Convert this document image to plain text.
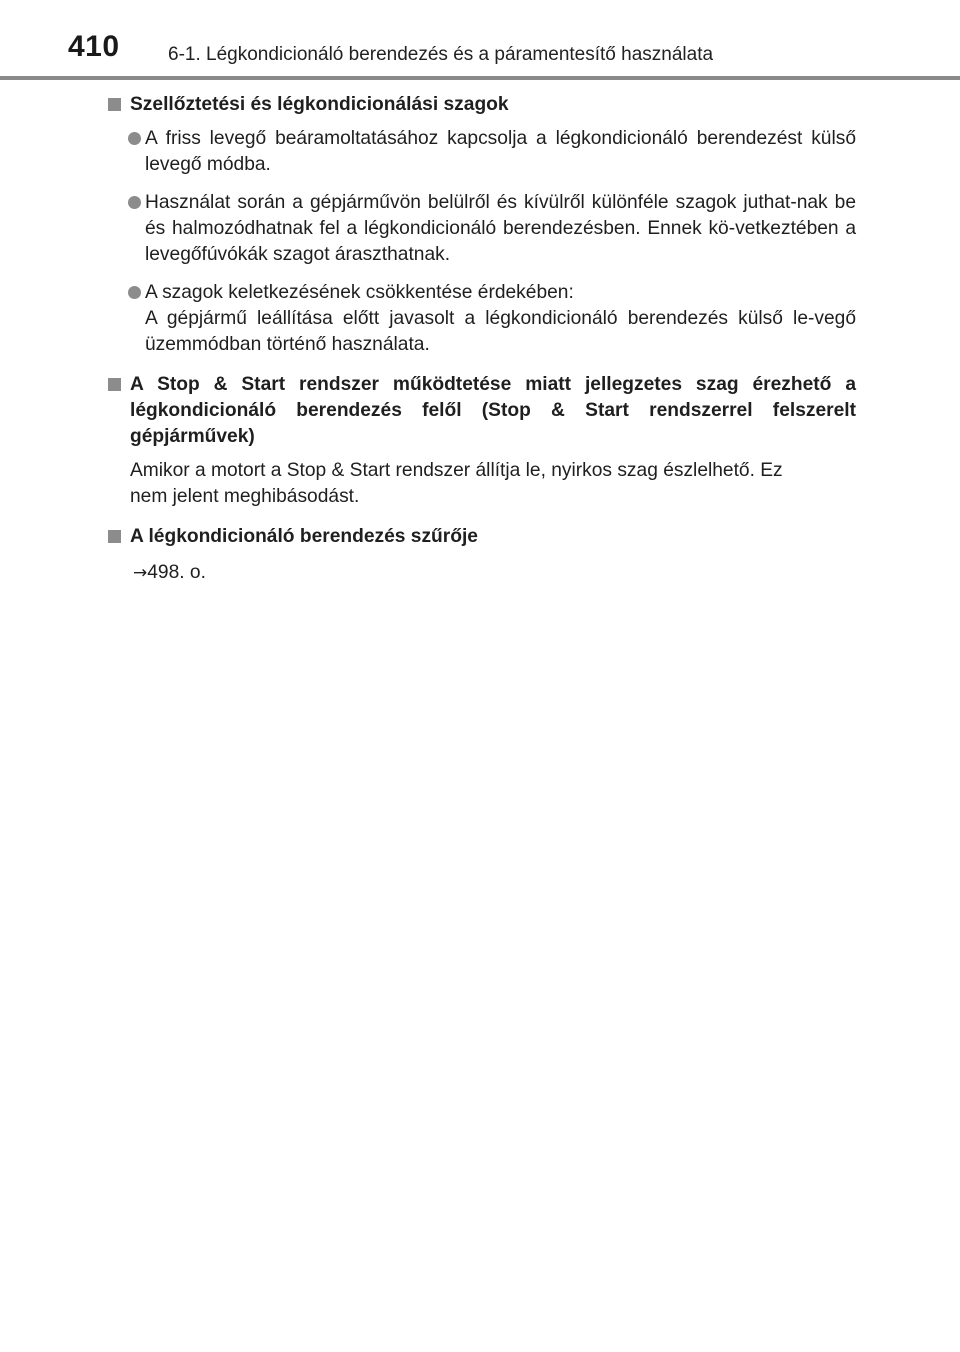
410	6-1. Légkondicionáló berendezés és a páramentesítő használata

Szellőztetési és légkondicionálási szagok

A friss levegő beáramoltatásához kapcsolja a légkondicionáló berendezést külső levegő módba.
Használat során a gépjárművön belülről és kívülről különféle szagok juthat-nak be és halmozódhatnak fel a légkondicionáló berendezésben. Ennek kö-vetkeztében a levegőfúvókák szagot áraszthatnak.
A szagok keletkezésének csökkentése érdekében:
A gépjármű leállítása előtt javasolt a légkondicionáló berendezés külső le-vegő üzemmódban történő használata.

A Stop & Start rendszer működtetése miatt jellegzetes szag érezhető a légkondicionáló berendezés felől (Stop & Start rendszerrel felszerelt gépjárművek)

Amikor a motort a Stop & Start rendszer állítja le, nyirkos szag észlelhető. Ez
nem jelent meghibásodást.

A légkondicionáló berendezés szűrője

→498. o.
